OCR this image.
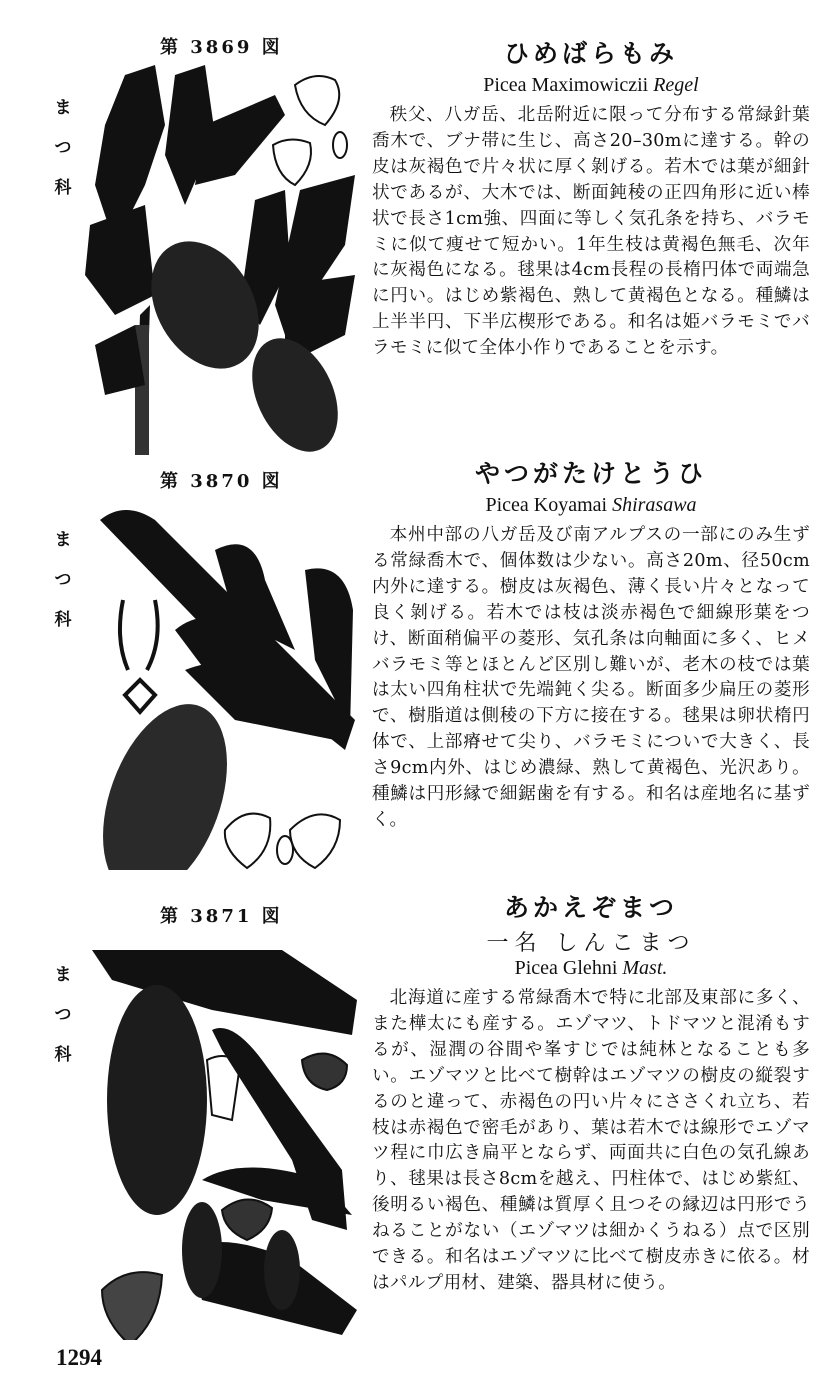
第 3869 図
ま
つ
科
ひめばらもみ

Picea Maximowiczii Regel

秩父、八ガ岳、北岳附近に限って分布する常緑針葉喬木で、ブナ帯に生じ、高さ20–30mに達する。幹の皮は灰褐色で片々状に厚く剝げる。若木では葉が細針状であるが、大木では、断面鈍稜の正四角形に近い棒状で長さ1cm強、四面に等しく気孔条を持ち、バラモミに似て痩せて短かい。1年生枝は黄褐色無毛、次年に灰褐色になる。毬果は4cm長程の長楕円体で両端急に円い。はじめ紫褐色、熟して黄褐色となる。種鱗は上半半円、下半広楔形である。和名は姫バラモミでバラモミに似て全体小作りであることを示す。

第 3870 図
ま
つ
科
やつがたけとうひ

Picea Koyamai Shirasawa

本州中部の八ガ岳及び南アルプスの一部にのみ生ずる常緑喬木で、個体数は少ない。高さ20m、径50cm内外に達する。樹皮は灰褐色、薄く長い片々となって良く剝げる。若木では枝は淡赤褐色で細線形葉をつけ、断面稍偏平の菱形、気孔条は向軸面に多く、ヒメバラモミ等とほとんど区別し難いが、老木の枝では葉は太い四角柱状で先端鈍く尖る。断面多少扁圧の菱形で、樹脂道は側稜の下方に接在する。毬果は卵状楕円体で、上部瘠せて尖り、バラモミについで大きく、長さ9cm内外、はじめ濃緑、熟して黄褐色、光沢あり。種鱗は円形縁で細鋸歯を有する。和名は産地名に基ずく。

第 3871 図
ま
つ
科
あかえぞまつ

一名 しんこまつ

Picea Glehni Mast.

北海道に産する常緑喬木で特に北部及東部に多く、また樺太にも産する。エゾマツ、トドマツと混淆もするが、湿潤の谷間や峯すじでは純林となることも多い。エゾマツと比べて樹幹はエゾマツの樹皮の縦裂するのと違って、赤褐色の円い片々にささくれ立ち、若枝は赤褐色で密毛があり、葉は若木では線形でエゾマツ程に巾広き扁平とならず、両面共に白色の気孔線あり、毬果は長さ8cmを越え、円柱体で、はじめ紫紅、後明るい褐色、種鱗は質厚く且つその縁辺は円形でうねることがない（エゾマツは細かくうねる）点で区別できる。和名はエゾマツに比べて樹皮赤きに依る。材はパルプ用材、建築、器具材に使う。

1294
